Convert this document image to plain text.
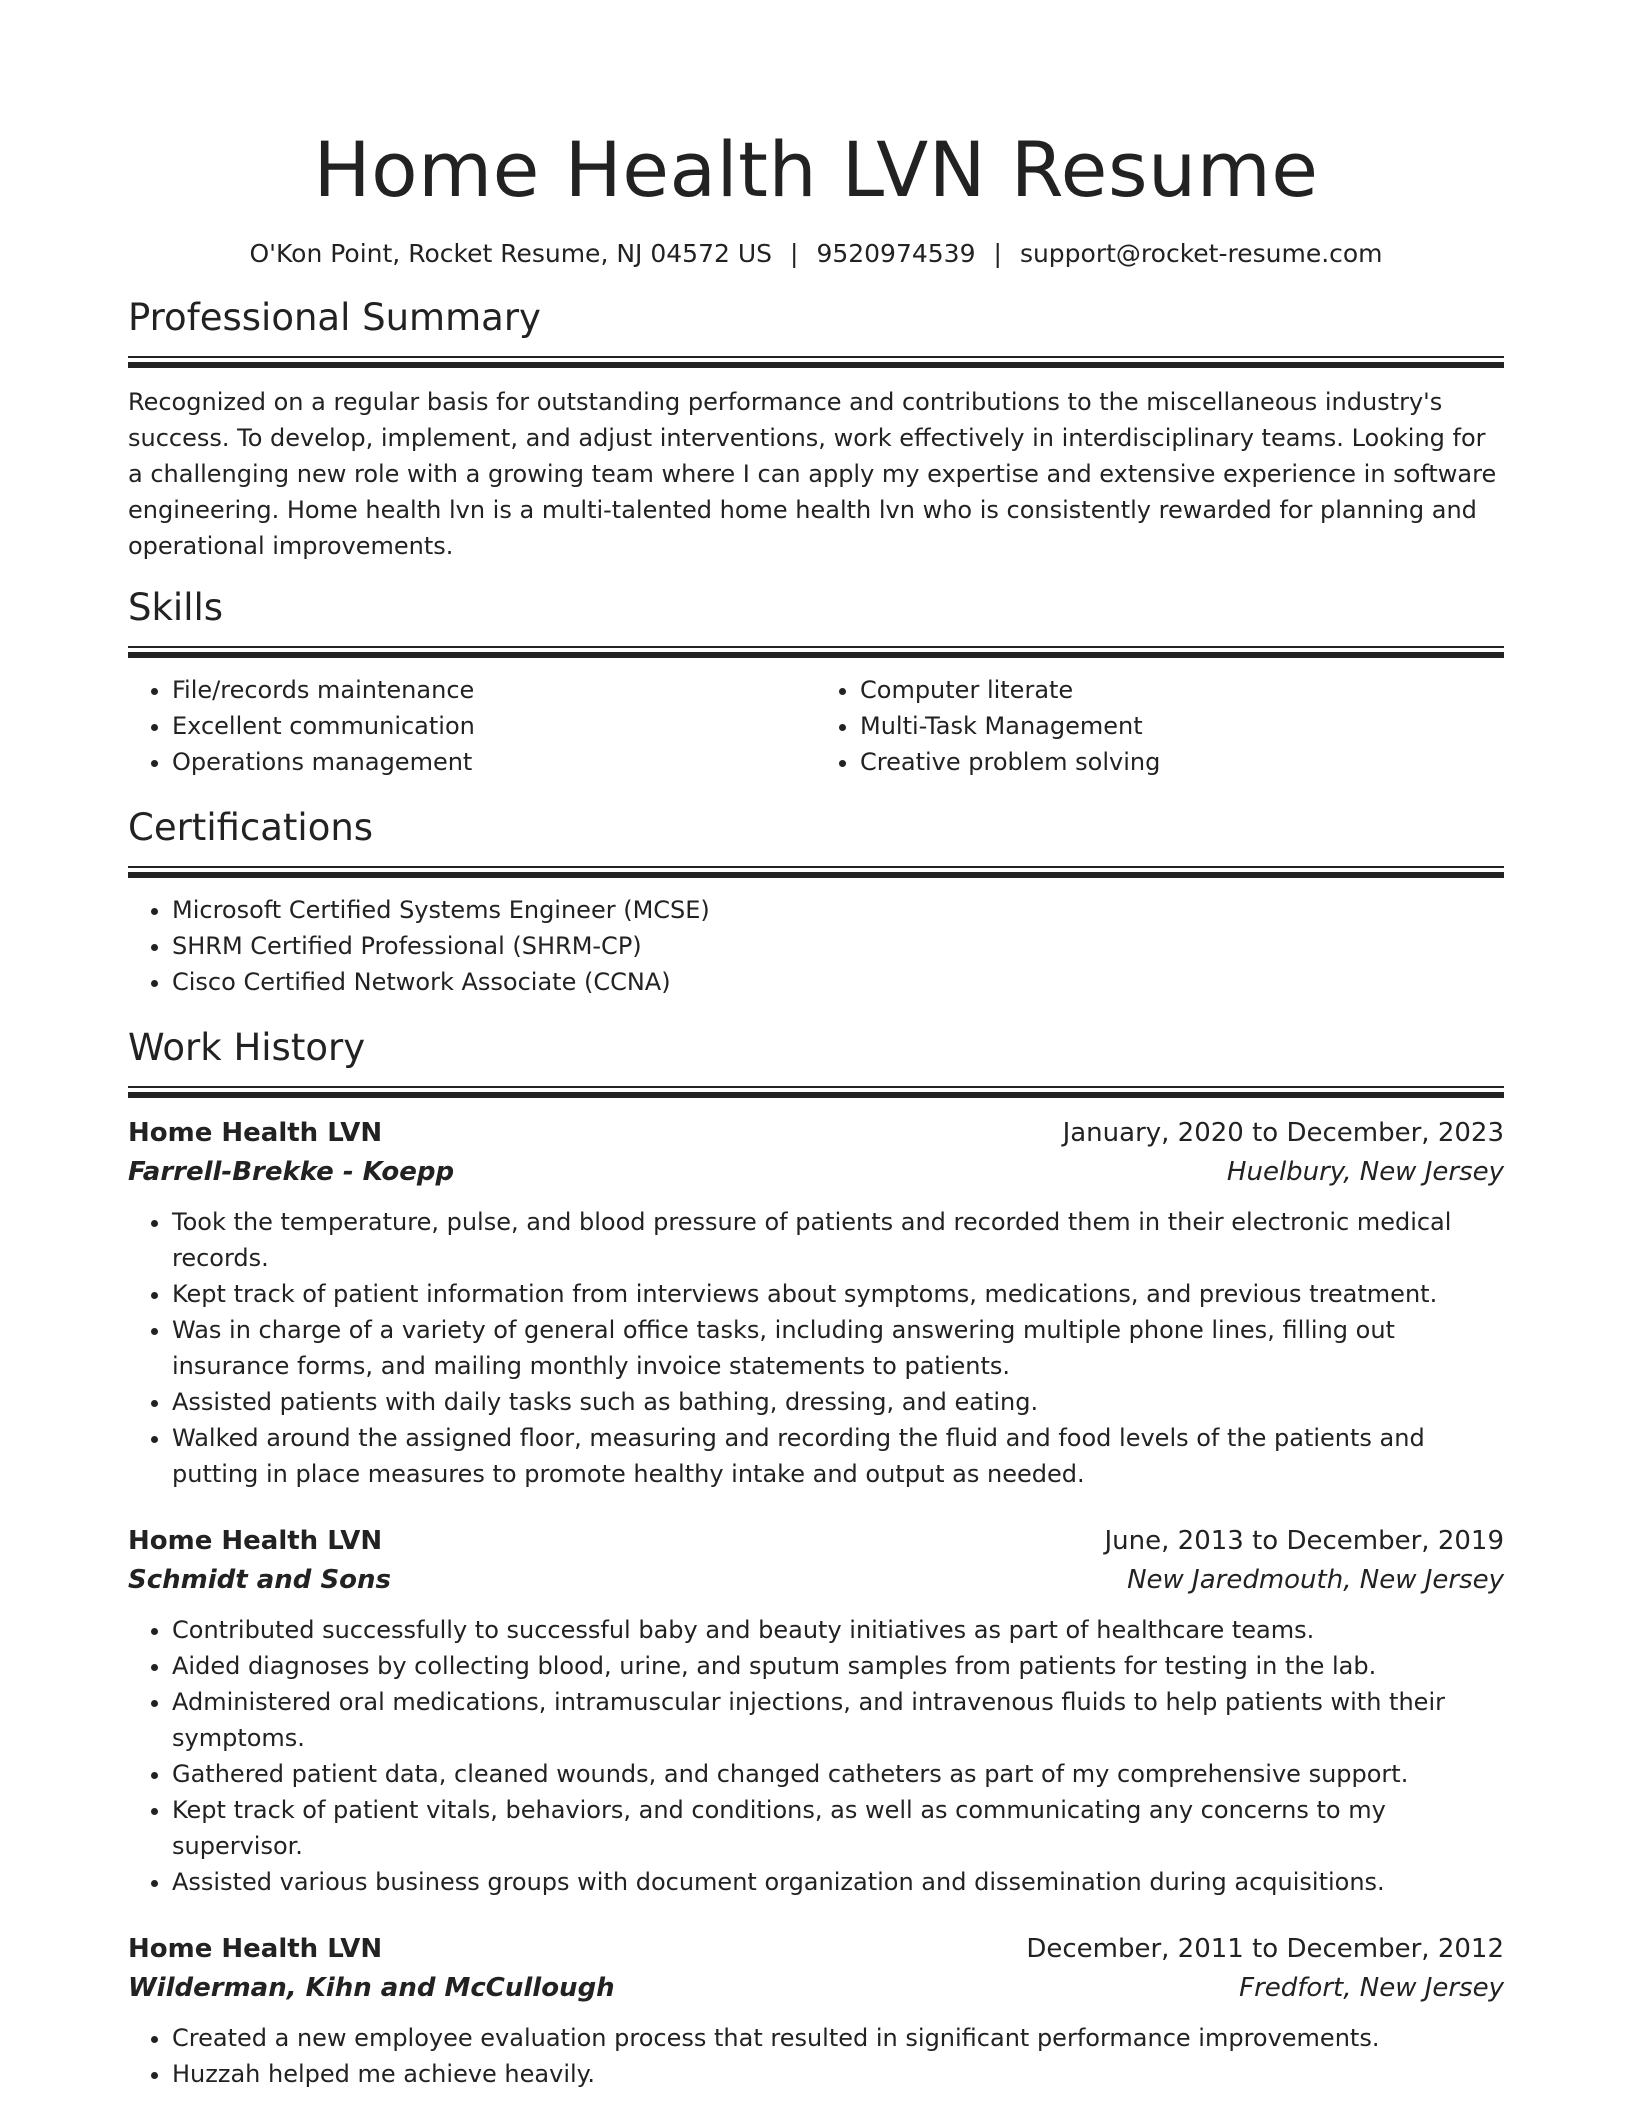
Home Health LVN Resume
O'Kon Point, Rocket Resume, NJ 04572 US | 9520974539 | support@rocket-resume.com
Professional Summary

Recognized on a regular basis for outstanding performance and contributions to the miscellaneous industry's success. To develop, implement, and adjust interventions, work effectively in interdisciplinary teams. Looking for a challenging new role with a growing team where I can apply my expertise and extensive experience in software engineering. Home health lvn is a multi-talented home health lvn who is consistently rewarded for planning and operational improvements.

Skills
• File/records maintenance
• Excellent communication
• Operations management
• Computer literate
• Multi-Task Management
• Creative problem solving
Certifications
• Microsoft Certified Systems Engineer (MCSE)
• SHRM Certified Professional (SHRM-CP)
• Cisco Certified Network Associate (CCNA)
Work History
Home Health LVN	January, 2020 to December, 2023
Farrell-Brekke - Koepp	Huelbury, New Jersey
• Took the temperature, pulse, and blood pressure of patients and recorded them in their electronic medical records.
• Kept track of patient information from interviews about symptoms, medications, and previous treatment.
• Was in charge of a variety of general office tasks, including answering multiple phone lines, filling out insurance forms, and mailing monthly invoice statements to patients.
• Assisted patients with daily tasks such as bathing, dressing, and eating.
• Walked around the assigned floor, measuring and recording the fluid and food levels of the patients and putting in place measures to promote healthy intake and output as needed.
Home Health LVN	June, 2013 to December, 2019
Schmidt and Sons	New Jaredmouth, New Jersey
• Contributed successfully to successful baby and beauty initiatives as part of healthcare teams.
• Aided diagnoses by collecting blood, urine, and sputum samples from patients for testing in the lab.
• Administered oral medications, intramuscular injections, and intravenous fluids to help patients with their symptoms.
• Gathered patient data, cleaned wounds, and changed catheters as part of my comprehensive support.
• Kept track of patient vitals, behaviors, and conditions, as well as communicating any concerns to my supervisor.
• Assisted various business groups with document organization and dissemination during acquisitions.
Home Health LVN	December, 2011 to December, 2012
Wilderman, Kihn and McCullough	Fredfort, New Jersey
• Created a new employee evaluation process that resulted in significant performance improvements.
• Huzzah helped me achieve heavily.
